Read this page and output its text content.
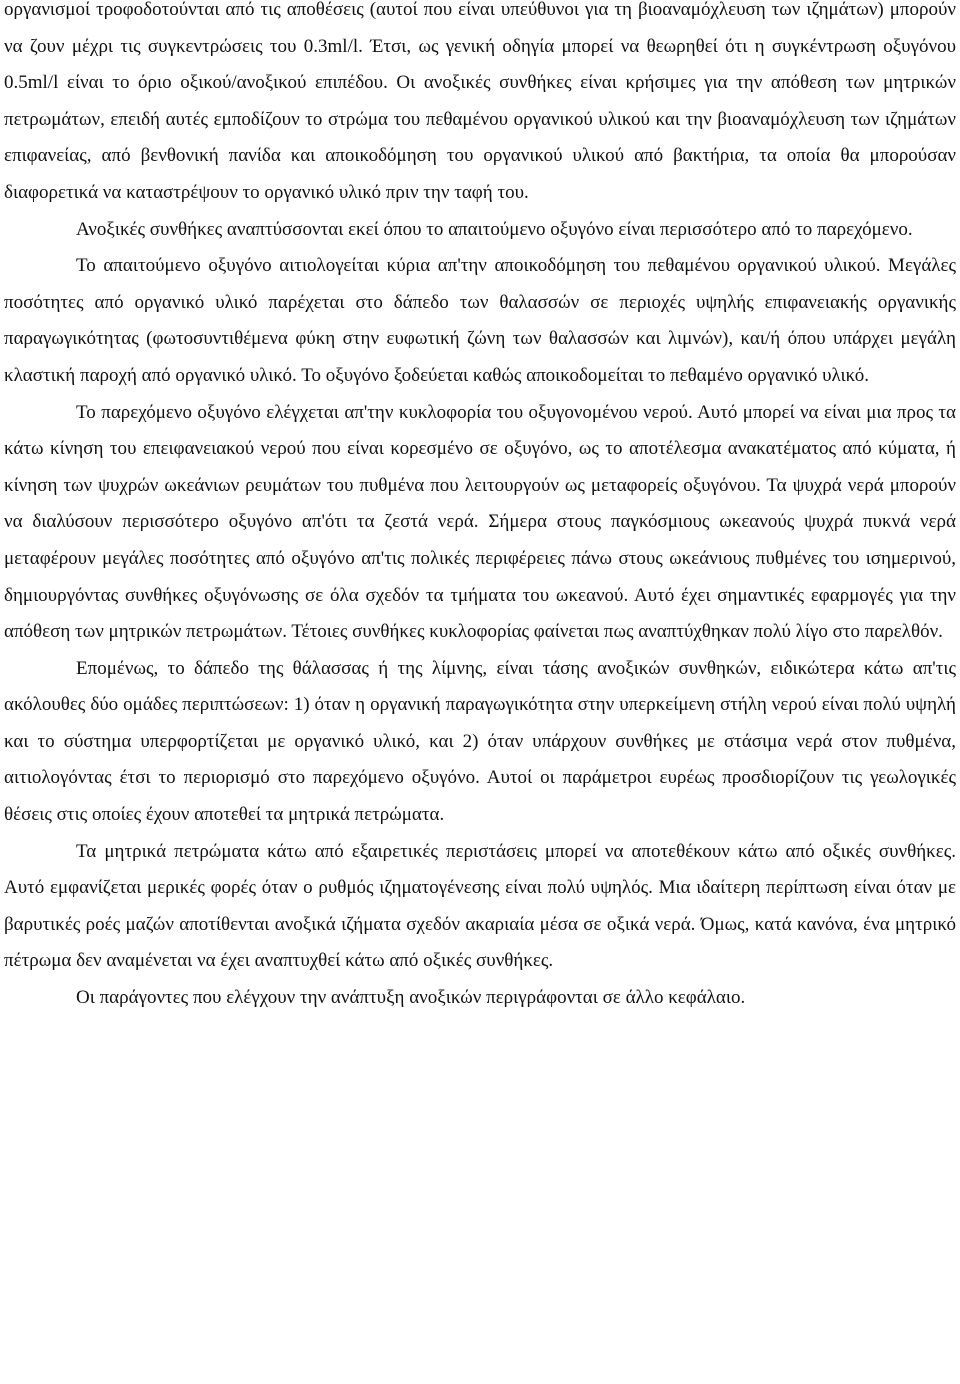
οργανισμοί τροφοδοτούνται από τις αποθέσεις (αυτοί που είναι υπεύθυνοι για τη βιοαναμόχλευση των ιζημάτων) μπορούν να ζουν μέχρι τις συγκεντρώσεις του 0.3ml/l. Έτσι, ως γενική οδηγία μπορεί να θεωρηθεί ότι η συγκέντρωση οξυγόνου 0.5ml/l είναι το όριο οξικού/ανοξικού επιπέδου. Οι ανοξικές συνθήκες είναι κρήσιμες για την απόθεση των μητρικών πετρωμάτων, επειδή αυτές εμποδίζουν το στρώμα του πεθαμένου οργανικού υλικού και την βιοαναμόχλευση των ιζημάτων επιφανείας, από βενθονική πανίδα και αποικοδόμηση του οργανικού υλικού από βακτήρια, τα οποία θα μπορούσαν διαφορετικά να καταστρέψουν το οργανικό υλικό πριν την ταφή του.

Ανοξικές συνθήκες αναπτύσσονται εκεί όπου το απαιτούμενο οξυγόνο είναι περισσότερο από το παρεχόμενο.

Το απαιτούμενο οξυγόνο αιτιολογείται κύρια απ'την αποικοδόμηση του πεθαμένου οργανικού υλικού. Μεγάλες ποσότητες από οργανικό υλικό παρέχεται στο δάπεδο των θαλασσών σε περιοχές υψηλής επιφανειακής οργανικής παραγωγικότητας (φωτοσυντιθέμενα φύκη στην ευφωτική ζώνη των θαλασσών και λιμνών), και/ή όπου υπάρχει μεγάλη κλαστική παροχή από οργανικό υλικό. Το οξυγόνο ξοδεύεται καθώς αποικοδομείται το πεθαμένο οργανικό υλικό.

Το παρεχόμενο οξυγόνο ελέγχεται απ'την κυκλοφορία του οξυγονομένου νερού. Αυτό μπορεί να είναι μια προς τα κάτω κίνηση του επειφανειακού νερού που είναι κορεσμένο σε οξυγόνο, ως το αποτέλεσμα ανακατέματος από κύματα, ή κίνηση των ψυχρών ωκεάνιων ρευμάτων του πυθμένα που λειτουργούν ως μεταφορείς οξυγόνου. Τα ψυχρά νερά μπορούν να διαλύσουν περισσότερο οξυγόνο απ'ότι τα ζεστά νερά. Σήμερα στους παγκόσμιους ωκεανούς ψυχρά πυκνά νερά μεταφέρουν μεγάλες ποσότητες από οξυγόνο απ'τις πολικές περιφέρειες πάνω στους ωκεάνιους πυθμένες του ισημερινού, δημιουργόντας συνθήκες οξυγόνωσης σε όλα σχεδόν τα τμήματα του ωκεανού. Αυτό έχει σημαντικές εφαρμογές για την απόθεση των μητρικών πετρωμάτων. Τέτοιες συνθήκες κυκλοφορίας φαίνεται πως αναπτύχθηκαν πολύ λίγο στο παρελθόν.

Επομένως, το δάπεδο της θάλασσας ή της λίμνης, είναι τάσης ανοξικών συνθηκών, ειδικώτερα κάτω απ'τις ακόλουθες δύο ομάδες περιπτώσεων: 1) όταν η οργανική παραγωγικότητα στην υπερκείμενη στήλη νερού είναι πολύ υψηλή και το σύστημα υπερφορτίζεται με οργανικό υλικό, και 2) όταν υπάρχουν συνθήκες με στάσιμα νερά στον πυθμένα, αιτιολογόντας έτσι το περιορισμό στο παρεχόμενο οξυγόνο. Αυτοί οι παράμετροι ευρέως προσδιορίζουν τις γεωλογικές θέσεις στις οποίες έχουν αποτεθεί τα μητρικά πετρώματα.

Τα μητρικά πετρώματα κάτω από εξαιρετικές περιστάσεις μπορεί να αποτεθέκουν κάτω από οξικές συνθήκες. Αυτό εμφανίζεται μερικές φορές όταν ο ρυθμός ιζηματογένεσης είναι πολύ υψηλός. Μια ιδαίτερη περίπτωση είναι όταν με βαρυτικές ροές μαζών αποτίθενται ανοξικά ιζήματα σχεδόν ακαριαία μέσα σε οξικά νερά. Όμως, κατά κανόνα, ένα μητρικό πέτρωμα δεν αναμένεται να έχει αναπτυχθεί κάτω από οξικές συνθήκες.

Οι παράγοντες που ελέγχουν την ανάπτυξη ανοξικών περιγράφονται σε άλλο κεφάλαιο.
